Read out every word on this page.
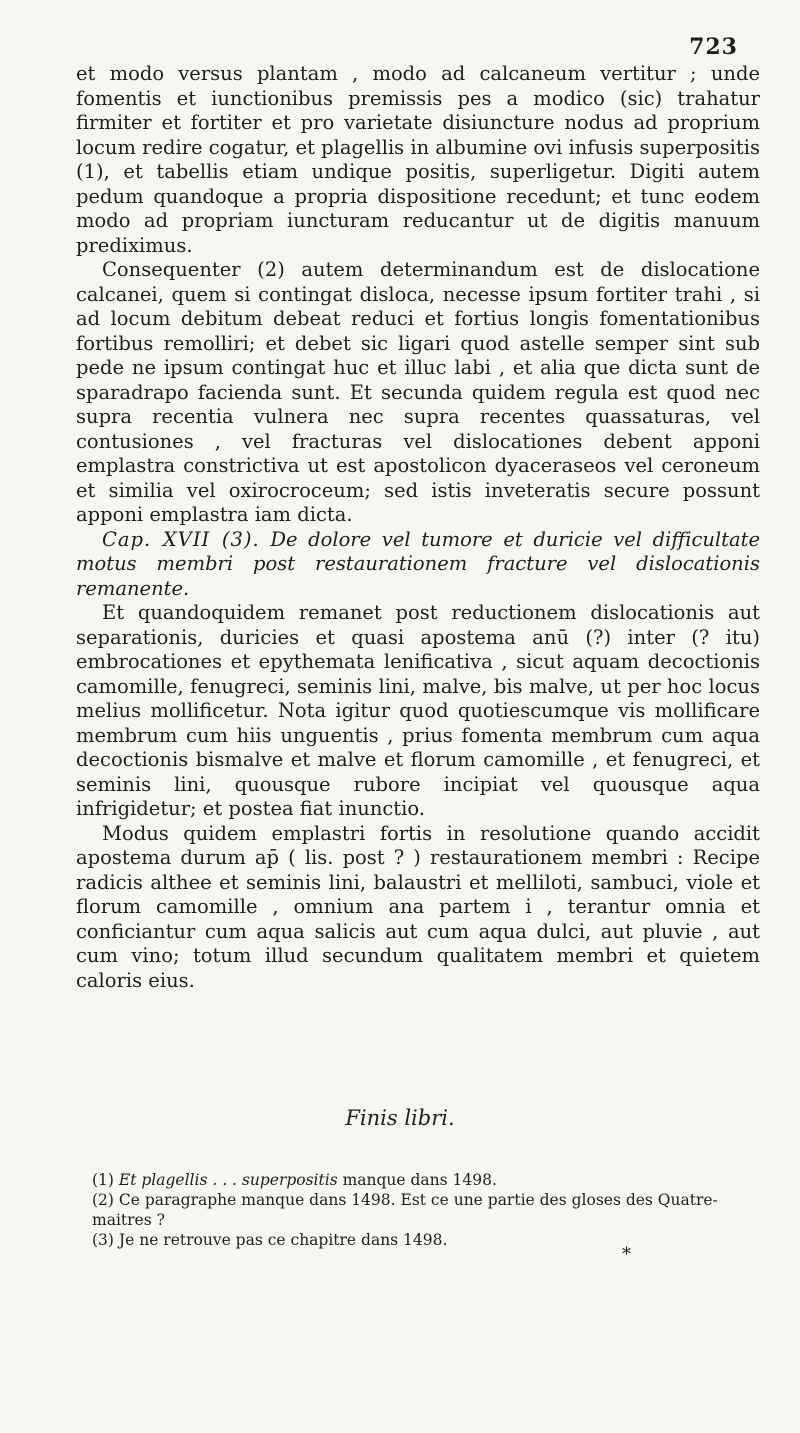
723

et modo versus plantam , modo ad calcaneum vertitur ; unde fomentis et iunctionibus premissis pes a modico (sic) trahatur firmiter et fortiter et pro varietate disiuncture nodus ad proprium locum redire cogatur, et plagellis in albumine ovi infusis superpositis (1), et tabellis etiam undique positis, superligetur. Digiti autem pedum quandoque a propria dispositione recedunt; et tunc eodem modo ad propriam iuncturam reducantur ut de digitis manuum prediximus.

Consequenter (2) autem determinandum est de dislocatione calcanei, quem si contingat disloca, necesse ipsum fortiter trahi , si ad locum debitum debeat reduci et fortius longis fomentationibus fortibus remolliri; et debet sic ligari quod astelle semper sint sub pede ne ipsum contingat huc et illuc labi , et alia que dicta sunt de sparadrapo facienda sunt. Et secunda quidem regula est quod nec supra recentia vulnera nec supra recentes quassaturas, vel contusiones , vel fracturas vel dislocationes debent apponi emplastra constrictiva ut est apostolicon dyaceraseos vel ceroneum et similia vel oxirocroceum; sed istis inveteratis secure possunt apponi emplastra iam dicta.

Cap. XVII (3). De dolore vel tumore et duricie vel difficultate motus membri post restaurationem fracture vel dislocationis remanente.

Et quandoquidem remanet post reductionem dislocationis aut separationis, duricies et quasi apostema anū (?) inter (? itu) embrocationes et epythemata lenificativa , sicut aquam decoctionis camomille, fenugreci, seminis lini, malve, bis malve, ut per hoc locus melius mollificetur. Nota igitur quod quotiescumque vis mollificare membrum cum hiis unguentis , prius fomenta membrum cum aqua decoctionis bismalve et malve et florum camomille , et fenugreci, et seminis lini, quousque rubore incipiat vel quousque aqua infrigidetur; et postea fiat inunctio.

Modus quidem emplastri fortis in resolutione quando accidit apostema durum ap̄ ( lis. post ? ) restaurationem membri : Recipe radicis althee et seminis lini, balaustri et melliloti, sambuci, viole et florum camomille , omnium ana partem i , terantur omnia et conficiantur cum aqua salicis aut cum aqua dulci, aut pluvie , aut cum vino; totum illud secundum qualitatem membri et quietem caloris eius.

Finis libri.

(1) Et plagellis . . . superpositis manque dans 1498.

(2) Ce paragraphe manque dans 1498. Est ce une partie des gloses des Quatre-maitres ?

(3) Je ne retrouve pas ce chapitre dans 1498.

*
